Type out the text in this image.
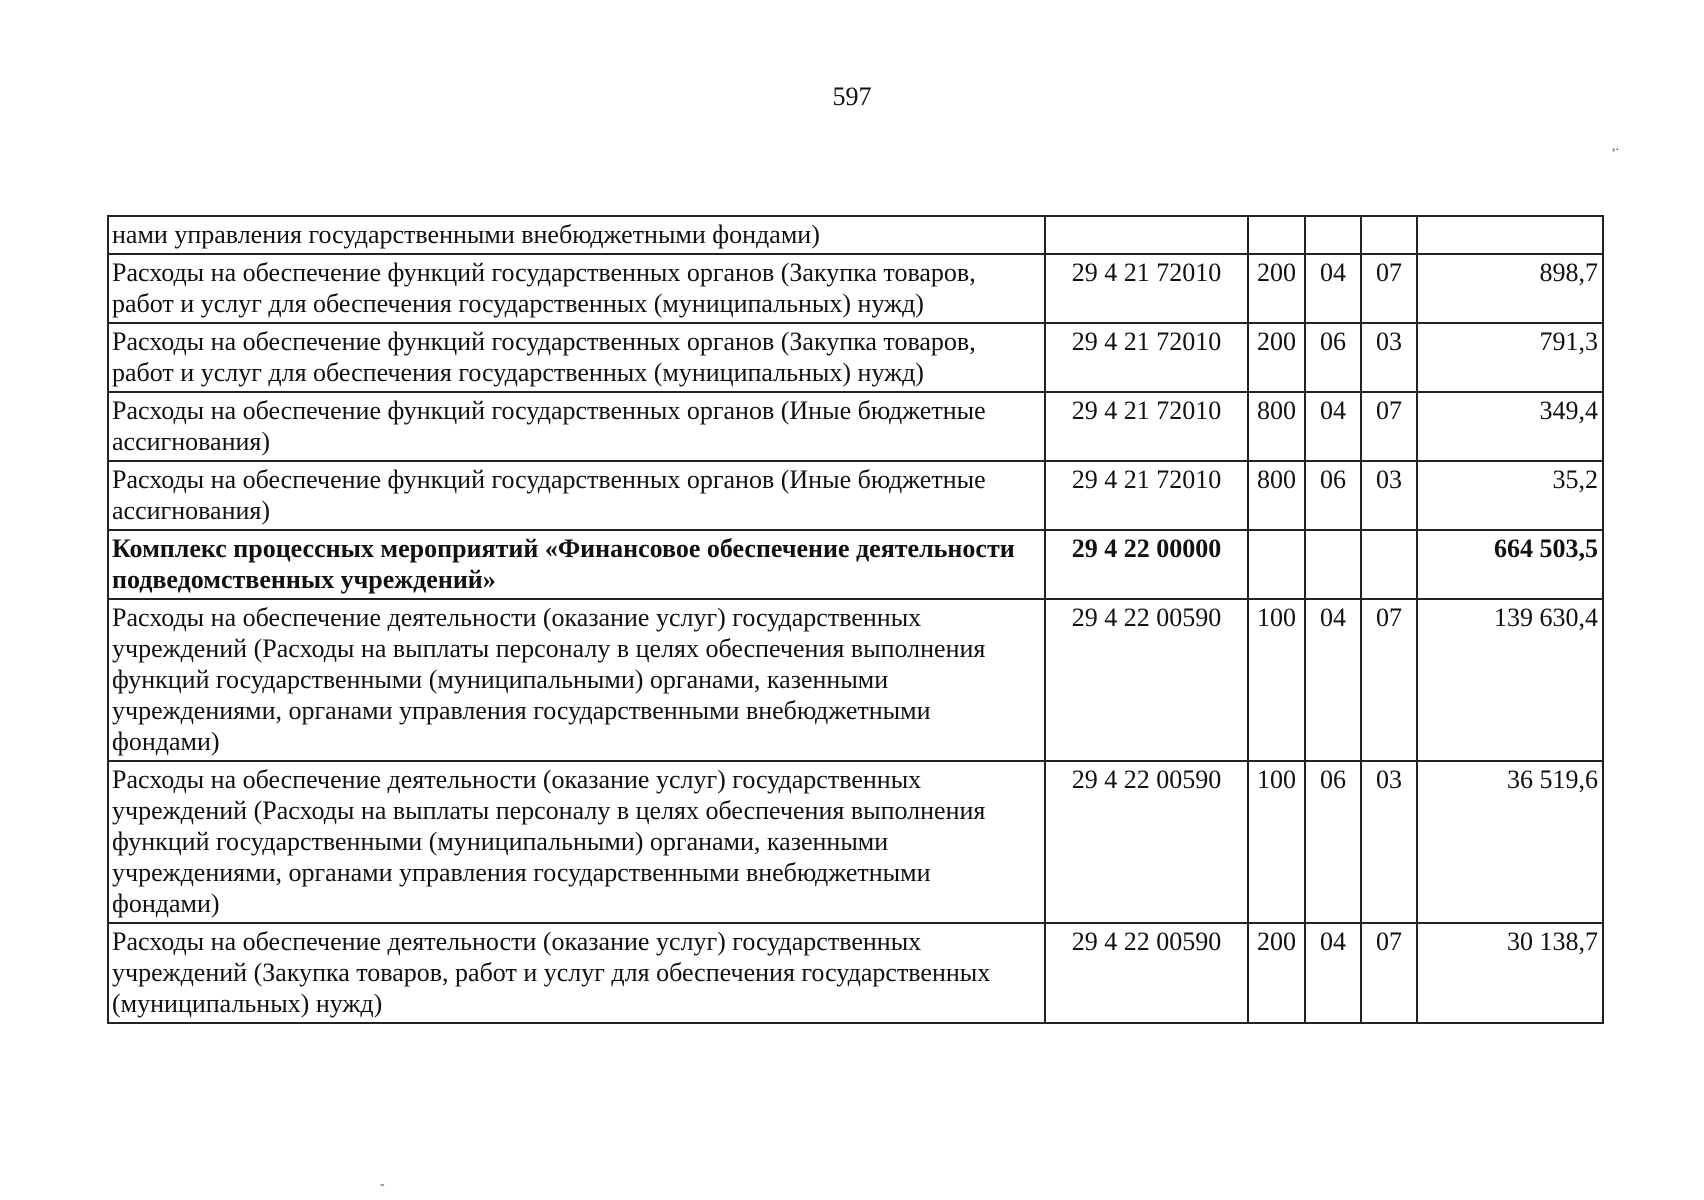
597
,.
-
нами управления государственными внебюджетными фондами)					
Расходы на обеспечение функций государственных органов (Закупка товаров, работ и услуг для обеспечения государственных (муниципальных) нужд)	29 4 21 72010	200	04	07	898,7
Расходы на обеспечение функций государственных органов (Закупка товаров, работ и услуг для обеспечения государственных (муниципальных) нужд)	29 4 21 72010	200	06	03	791,3
Расходы на обеспечение функций государственных органов (Иные бюджетные ассигнования)	29 4 21 72010	800	04	07	349,4
Расходы на обеспечение функций государственных органов (Иные бюджетные ассигнования)	29 4 21 72010	800	06	03	35,2
Комплекс процессных мероприятий «Финансовое обеспечение деятельности подведомственных учреждений»	29 4 22 00000				664 503,5
Расходы на обеспечение деятельности (оказание услуг) государственных учреждений (Расходы на выплаты персоналу в целях обеспечения выполнения функций государственными (муниципальными) органами, казенными учреждениями, органами управления государственными внебюджетными фондами)	29 4 22 00590	100	04	07	139 630,4
Расходы на обеспечение деятельности (оказание услуг) государственных учреждений (Расходы на выплаты персоналу в целях обеспечения выполнения функций государственными (муниципальными) органами, казенными учреждениями, органами управления государственными внебюджетными фондами)	29 4 22 00590	100	06	03	36 519,6
Расходы на обеспечение деятельности (оказание услуг) государственных учреждений (Закупка товаров, работ и услуг для обеспечения государственных (муниципальных) нужд)	29 4 22 00590	200	04	07	30 138,7
